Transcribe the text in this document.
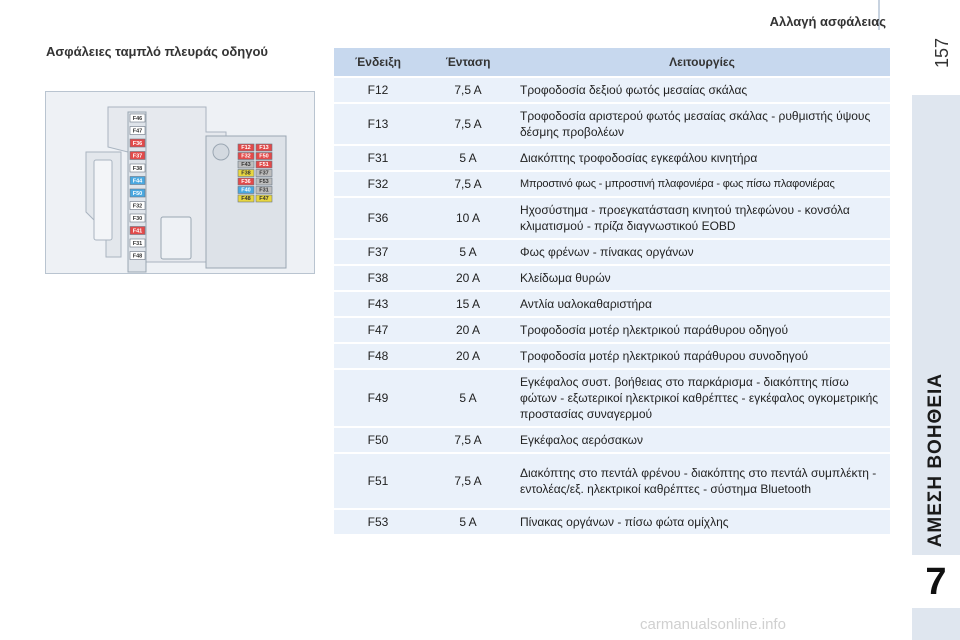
Αλλαγή ασφάλειας
157
ΑΜΕΣΗ ΒΟΗΘΕΙΑ
7
Ασφάλειες ταμπλό πλευράς οδηγού
F46
F47
F36
F37
F38
F44
F50
F32
F30
F41
F31
F48
F12
F32
F43
F38
F36
F40
F48
F13
F50
F51
F37
F53
F31
F47
Ένδειξη	Ένταση	Λειτουργίες
F12	7,5 A	Τροφοδοσία δεξιού φωτός μεσαίας σκάλας
F13	7,5 A	Τροφοδοσία αριστερού φωτός μεσαίας σκάλας - ρυθμιστής ύψους δέσμης προβολέων
F31	5 A	Διακόπτης τροφοδοσίας εγκεφάλου κινητήρα
F32	7,5 A	Μπροστινό φως - μπροστινή πλαφονιέρα - φως πίσω πλαφονιέρας
F36	10 A	Ηχοσύστημα - προεγκατάσταση κινητού τηλεφώνου - κονσόλα κλιματισμού - πρίζα διαγνωστικού EOBD
F37	5 A	Φως φρένων - πίνακας οργάνων
F38	20 A	Κλείδωμα θυρών
F43	15 A	Αντλία υαλοκαθαριστήρα
F47	20 A	Τροφοδοσία μοτέρ ηλεκτρικού παράθυρου οδηγού
F48	20 A	Τροφοδοσία μοτέρ ηλεκτρικού παράθυρου συνοδηγού
F49	5 A	Εγκέφαλος συστ. βοήθειας στο παρκάρισμα - διακόπτης πίσω φώτων - εξωτερικοί ηλεκτρικοί καθρέπτες - εγκέφαλος ογκομετρικής προστασίας συναγερμού
F50	7,5 A	Εγκέφαλος αερόσακων
F51	7,5 A	Διακόπτης στο πεντάλ φρένου - διακόπτης στο πεντάλ συμπλέκτη - εντολέας/εξ. ηλεκτρικοί καθρέπτες - σύστημα Bluetooth
F53	5 A	Πίνακας οργάνων - πίσω φώτα ομίχλης
carmanualsonline.info
